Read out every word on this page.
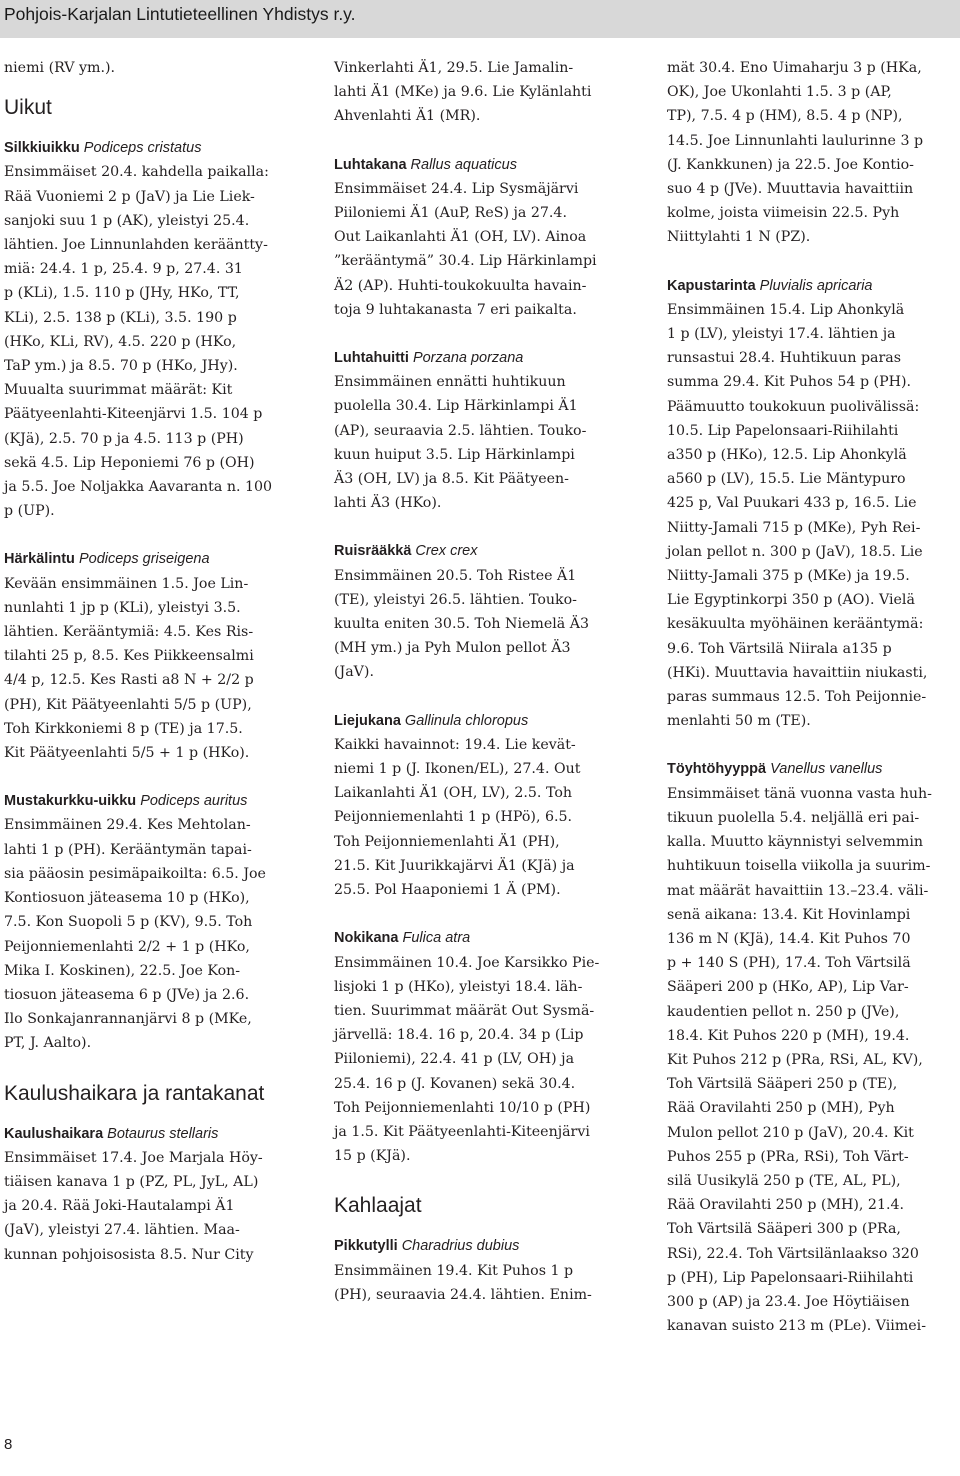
Pohjois-Karjalan Lintutieteellinen Yhdistys r.y.

niemi (RV ym.).

Uikut

Silkkiuikku Podiceps cristatus

Ensimmäiset 20.4. kahdella paikalla:

Rää Vuoniemi 2 p (JaV) ja Lie Liek-

sanjoki suu 1 p (AK), yleistyi 25.4.

lähtien. Joe Linnunlahden kerääntty-

miä: 24.4. 1 p, 25.4. 9 p, 27.4. 31

p (KLi), 1.5. 110 p (JHy, HKo, TT,

KLi), 2.5. 138 p (KLi), 3.5. 190 p

(HKo, KLi, RV), 4.5. 220 p (HKo,

TaP ym.) ja 8.5. 70 p (HKo, JHy).

Muualta suurimmat määrät: Kit

Päätyeenlahti-Kiteenjärvi 1.5. 104 p

(KJä), 2.5. 70 p ja 4.5. 113 p (PH)

sekä 4.5. Lip Heponiemi 76 p (OH)

ja 5.5. Joe Noljakka Aavaranta n. 100

p (UP).

Härkälintu Podiceps griseigena

Kevään ensimmäinen 1.5. Joe Lin-

nunlahti 1 jp p (KLi), yleistyi 3.5.

lähtien. Kerääntymiä: 4.5. Kes Ris-

tilahti 25 p, 8.5. Kes Piikkeensalmi

4/4 p, 12.5. Kes Rasti a8 N + 2/2 p

(PH), Kit Päätyeenlahti 5/5 p (UP),

Toh Kirkkoniemi 8 p (TE) ja 17.5.

Kit Päätyeenlahti 5/5 + 1 p (HKo).

Mustakurkku-uikku Podiceps auritus

Ensimmäinen 29.4. Kes Mehtolan-

lahti 1 p (PH). Kerääntymän tapai-

sia pääosin pesimäpaikoilta: 6.5. Joe

Kontiosuon jäteasema 10 p (HKo),

7.5. Kon Suopoli 5 p (KV), 9.5. Toh

Peijonniemenlahti 2/2 + 1 p (HKo,

Mika I. Koskinen), 22.5. Joe Kon-

tiosuon jäteasema 6 p (JVe) ja 2.6.

Ilo Sonkajanrannanjärvi 8 p (MKe,

PT, J. Aalto).

Kaulushaikara ja rantakanat

Kaulushaikara Botaurus stellaris

Ensimmäiset 17.4. Joe Marjala Höy-

tiäisen kanava 1 p (PZ, PL, JyL, AL)

ja 20.4. Rää Joki-Hautalampi Ä1

(JaV), yleistyi 27.4. lähtien. Maa-

kunnan pohjoisosista 8.5. Nur City

Vinkerlahti Ä1, 29.5. Lie Jamalin-

lahti Ä1 (MKe) ja 9.6. Lie Kylänlahti

Ahvenlahti Ä1 (MR).

Luhtakana Rallus aquaticus

Ensimmäiset 24.4. Lip Sysmäjärvi

Piiloniemi Ä1 (AuP, ReS) ja 27.4.

Out Laikanlahti Ä1 (OH, LV). Ainoa

”kerääntymä” 30.4. Lip Härkinlampi

Ä2 (AP). Huhti-toukokuulta havain-

toja 9 luhtakanasta 7 eri paikalta.

Luhtahuitti Porzana porzana

Ensimmäinen ennätti huhtikuun

puolella 30.4. Lip Härkinlampi Ä1

(AP), seuraavia 2.5. lähtien. Touko-

kuun huiput 3.5. Lip Härkinlampi

Ä3 (OH, LV) ja 8.5. Kit Päätyeen-

lahti Ä3 (HKo).

Ruisrääkkä Crex crex

Ensimmäinen 20.5. Toh Ristee Ä1

(TE), yleistyi 26.5. lähtien. Touko-

kuulta eniten 30.5. Toh Niemelä Ä3

(MH ym.) ja Pyh Mulon pellot Ä3

(JaV).

Liejukana Gallinula chloropus

Kaikki havainnot: 19.4. Lie kevät-

niemi 1 p (J. Ikonen/EL), 27.4. Out

Laikanlahti Ä1 (OH, LV), 2.5. Toh

Peijonniemenlahti 1 p (HPö), 6.5.

Toh Peijonniemenlahti Ä1 (PH),

21.5. Kit Juurikkajärvi Ä1 (KJä) ja

25.5. Pol Haaponiemi 1 Ä (PM).

Nokikana Fulica atra

Ensimmäinen 10.4. Joe Karsikko Pie-

lisjoki 1 p (HKo), yleistyi 18.4. läh-

tien. Suurimmat määrät Out Sysmä-

järvellä: 18.4. 16 p, 20.4. 34 p (Lip

Piiloniemi), 22.4. 41 p (LV, OH) ja

25.4. 16 p (J. Kovanen) sekä 30.4.

Toh Peijonniemenlahti 10/10 p (PH)

ja 1.5. Kit Päätyeenlahti-Kiteenjärvi

15 p (KJä).

Kahlaajat

Pikkutylli Charadrius dubius

Ensimmäinen 19.4. Kit Puhos 1 p

(PH), seuraavia 24.4. lähtien. Enim-

mät 30.4. Eno Uimaharju 3 p (HKa,

OK), Joe Ukonlahti 1.5. 3 p (AP,

TP), 7.5. 4 p (HM), 8.5. 4 p (NP),

14.5. Joe Linnunlahti laulurinne 3 p

(J. Kankkunen) ja 22.5. Joe Kontio-

suo 4 p (JVe). Muuttavia havaittiin

kolme, joista viimeisin 22.5. Pyh

Niittylahti 1 N (PZ).

Kapustarinta Pluvialis apricaria

Ensimmäinen 15.4. Lip Ahonkylä

1 p (LV), yleistyi 17.4. lähtien ja

runsastui 28.4. Huhtikuun paras

summa 29.4. Kit Puhos 54 p (PH).

Päämuutto toukokuun puolivälissä:

10.5. Lip Papelonsaari-Riihilahti

a350 p (HKo), 12.5. Lip Ahonkylä

a560 p (LV), 15.5. Lie Mäntypuro

425 p, Val Puukari 433 p, 16.5. Lie

Niitty-Jamali 715 p (MKe), Pyh Rei-

jolan pellot n. 300 p (JaV), 18.5. Lie

Niitty-Jamali 375 p (MKe) ja 19.5.

Lie Egyptinkorpi 350 p (AO). Vielä

kesäkuulta myöhäinen kerääntymä:

9.6. Toh Värtsilä Niirala a135 p

(HKi). Muuttavia havaittiin niukasti,

paras summaus 12.5. Toh Peijonnie-

menlahti 50 m (TE).

Töyhtöhyyppä Vanellus vanellus

Ensimmäiset tänä vuonna vasta huh-

tikuun puolella 5.4. neljällä eri pai-

kalla. Muutto käynnistyi selvemmin

huhtikuun toisella viikolla ja suurim-

mat määrät havaittiin 13.–23.4. väli-

senä aikana: 13.4. Kit Hovinlampi

136 m N (KJä), 14.4. Kit Puhos 70

p + 140 S (PH), 17.4. Toh Värtsilä

Sääperi 200 p (HKo, AP), Lip Var-

kaudentien pellot n. 250 p (JVe),

18.4. Kit Puhos 220 p (MH), 19.4.

Kit Puhos 212 p (PRa, RSi, AL, KV),

Toh Värtsilä Sääperi 250 p (TE),

Rää Oravilahti 250 p (MH), Pyh

Mulon pellot 210 p (JaV), 20.4. Kit

Puhos 255 p (PRa, RSi), Toh Värt-

silä Uusikylä 250 p (TE, AL, PL),

Rää Oravilahti 250 p (MH), 21.4.

Toh Värtsilä Sääperi 300 p (PRa,

RSi), 22.4. Toh Värtsilänlaakso 320

p (PH), Lip Papelonsaari-Riihilahti

300 p (AP) ja 23.4. Joe Höytiäisen

kanavan suisto 213 m (PLe). Viimei-

8
